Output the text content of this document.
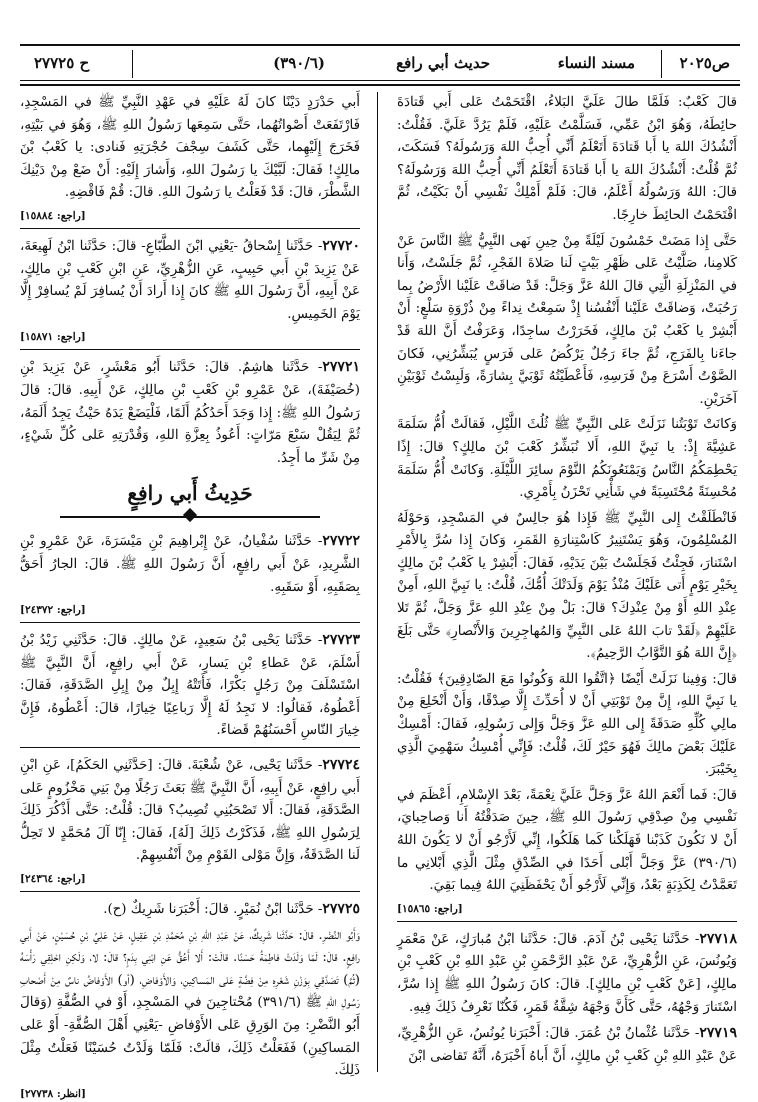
ص٢٠٢٥
مسند النساء
حديث أبي رافع
(٣٩٠/٦)
ح ٢٧٧٢٥

قالَ كَعْبٌ: فَلَمَّا طالَ عَلَيَّ البَلاءُ، اقْتَحَمْتُ عَلى أَبي قَتادَةَ حائِطَهُ، وَهُوَ ابْنُ عَمِّي، فَسَلَّمْتُ عَلَيْهِ، فَلَمْ يَرُدَّ عَلَيَّ. فَقُلْتُ: أَنْشُدُكَ اللهَ يا أَبا قَتادَةَ أَتَعْلَمُ أَنِّي أُحِبُّ اللهَ وَرَسُولَهُ؟ فَسَكَتَ، ثُمَّ قُلْتُ: أَنْشُدُكَ اللهَ يا أَبا قَتادَةَ أَتَعْلَمُ أَنِّي أُحِبُّ اللهَ وَرَسُولَهُ؟ قالَ: اللهُ وَرَسُولُهُ أَعْلَمُ، قالَ: فَلَمْ أَمْلِكْ نَفْسِي أَنْ بَكَيْتُ، ثُمَّ اقْتَحَمْتُ الحائِطَ خارِجًا.

حَتَّى إِذا مَضَتْ خَمْسُونَ لَيْلَةً مِنْ حِينِ نَهى النَّبِيُّ ﷺ النَّاسَ عَنْ كَلامِنا، صَلَّيْتُ عَلى ظَهْرِ بَيْتٍ لَنا صَلاةَ الفَجْرِ، ثُمَّ جَلَسْتُ، وَأَنا في المَنْزِلَةِ الَّتِي قالَ اللهُ عَزَّ وَجَلَّ: قَدْ ضاقَتْ عَلَيْنا الأَرْضُ بِما رَحُبَتْ، وَضاقَتْ عَلَيْنا أَنْفُسُنا إِذْ سَمِعْتُ نِداءً مِنْ ذُرْوَةِ سَلْعٍ: أَنْ أَبْشِرْ يا كَعْبُ بْنَ مالِكٍ، فَخَرَرْتُ ساجِدًا، وَعَرَفْتُ أَنَّ اللهَ قَدْ جاءَنا بِالفَرَجِ، ثُمَّ جاءَ رَجُلٌ يَرْكُضُ عَلى فَرَسٍ يُبَشِّرُنِي، فَكانَ الصَّوْتُ أَسْرَعَ مِنْ فَرَسِهِ، فَأَعْطَيْتُهُ ثَوْبَيَّ بِشارَةً، وَلَبِسْتُ ثَوْبَيْنِ آخَرَيْنِ.

وَكانَتْ تَوْبَتُنا نَزَلَتْ عَلى النَّبِيِّ ﷺ ثُلُثَ اللَّيْلِ، فَقالَتْ أُمُّ سَلَمَةَ عَشِيَّةَ إِذْ: يا نَبِيَّ اللهِ، أَلا نُبَشِّرُ كَعْبَ بْنَ مالِكٍ؟ قالَ: إِذًا يَحْطِمَكُمُ النَّاسُ وَيَمْنَعُونَكُمُ النَّوْمَ سائِرَ اللَّيْلَةِ. وَكانَتْ أُمُّ سَلَمَةَ مُحْسِنَةً مُحْتَسِبَةً في شَأْنِي تَحْزَنُ بِأَمْرِي.

فَانْطَلَقْتُ إِلى النَّبِيِّ ﷺ فَإِذا هُوَ جالِسٌ في المَسْجِدِ، وَحَوْلَهُ المُسْلِمُونَ، وَهُوَ يَسْتَنِيرُ كَاسْتِنارَةِ القَمَرِ، وَكانَ إِذا سُرَّ بِالأَمْرِ اسْتَنارَ، فَجِئْتُ فَجَلَسْتُ بَيْنَ يَدَيْهِ، فَقالَ: أَبْشِرْ يا كَعْبُ بْنَ مالِكٍ بِخَيْرِ يَوْمٍ أَتى عَلَيْكَ مُنْذُ يَوْمَ وَلَدَتْكَ أُمُّكَ، قُلْتُ: يا نَبِيَّ اللهِ، أَمِنْ عِنْدِ اللهِ أَوْ مِنْ عِنْدِكَ؟ قالَ: بَلْ مِنْ عِنْدِ اللهِ عَزَّ وَجَلَّ، ثُمَّ تَلا عَلَيْهِمْ ﴿لَقَدْ تابَ اللهُ عَلى النَّبِيِّ وَالمُهاجِرِينَ وَالأَنْصارِ﴾ حَتَّى بَلَغَ ﴿إِنَّ اللهَ هُوَ التَّوَّابُ الرَّحِيمُ﴾.

قالَ: وَفِينا نَزَلَتْ أَيْضًا ﴿اتَّقُوا اللهَ وَكُونُوا مَعَ الصّادِقِينَ﴾ فَقُلْتُ: يا نَبِيَّ اللهِ، إِنَّ مِنْ تَوْبَتِي أَنْ لا أُحَدِّثَ إِلَّا صِدْقًا، وَأَنْ أَنْخَلِعَ مِنْ مالِي كُلِّهِ صَدَقَةً إِلى اللهِ عَزَّ وَجَلَّ وَإِلى رَسُولِهِ، فَقالَ: أَمْسِكْ عَلَيْكَ بَعْضَ مالِكَ فَهُوَ خَيْرٌ لَكَ، قُلْتُ: فَإِنِّي أُمْسِكُ سَهْمِيَ الَّذِي بِخَيْبَرَ.

قالَ: فَما أَنْعَمَ اللهُ عَزَّ وَجَلَّ عَلَيَّ نِعْمَةً، بَعْدَ الإِسْلامِ، أَعْظَمَ في نَفْسِي مِنْ صِدْقِي رَسُولَ اللهِ ﷺ، حِينَ صَدَقْتُهُ أَنا وَصاحِبايَ، أَنْ لا نَكُونَ كَذَبْنا فَهَلَكْنا كَما هَلَكُوا، إِنِّي لَأَرْجُو أَنْ لا يَكُونَ اللهُ (٣٩٠/٦) عَزَّ وَجَلَّ أَبْلى أَحَدًا في الصِّدْقِ مِثْلَ الَّذِي أَبْلانِي ما تَعَمَّدْتُ لِكَذِبَةٍ بَعْدُ، وَإِنِّي لَأَرْجُو أَنْ يَحْفَظَنِيَ اللهُ فِيما بَقِيَ.

[راجع: ١٥٨٦٥]

٢٧٧١٨- حَدَّثَنا يَحْيى بْنُ آدَمَ. قالَ: حَدَّثَنا ابْنُ مُبارَكٍ، عَنْ مَعْمَرٍ وَيُونُسَ، عَنِ الزُّهْرِيِّ، عَنْ عَبْدِ الرَّحْمَنِ بْنِ عَبْدِ اللهِ بْنِ كَعْبِ بْنِ مالِكٍ، [عَنْ كَعْبِ بْنِ مالِكٍ]. قالَ: كانَ رَسُولُ اللهِ ﷺ إِذا سُرَّ، اسْتَنارَ وَجْهُهُ، حَتَّى كَأَنَّ وَجْهَهُ شِقَّةُ قَمَرٍ، فَكُنّا نَعْرِفُ ذَلِكَ فِيهِ.

٢٧٧١٩- حَدَّثَنا عُثْمانُ بْنُ عُمَرَ. قالَ: أَخْبَرَنا يُونُسُ، عَنِ الزُّهْرِيِّ، عَنْ عَبْدِ اللهِ بْنِ كَعْبِ بْنِ مالِكٍ، أَنَّ أَباهُ أَخْبَرَهُ، أَنَّهُ تَقاضى ابْنَ

أَبي حَدْرَدٍ دَيْنًا كانَ لَهُ عَلَيْهِ في عَهْدِ النَّبِيِّ ﷺ في المَسْجِدِ، فَارْتَفَعَتْ أَصْواتُهُما، حَتَّى سَمِعَها رَسُولُ اللهِ ﷺ، وَهُوَ في بَيْتِهِ، فَخَرَجَ إِلَيْهِما، حَتَّى كَشَفَ سِجْفَ حُجْرَتِهِ فَنادى: يا كَعْبُ بْنَ مالِكٍ! فَقالَ: لَبَّيْكَ يا رَسُولَ اللهِ، وَأَشارَ إِلَيْهِ: أَنْ ضَعْ مِنْ دَيْنِكَ الشَّطْرَ، قالَ: قَدْ فَعَلْتُ يا رَسُولَ اللهِ. قالَ: قُمْ فَاقْضِهِ.

[راجع: ١٥٨٨٤]

٢٧٧٢٠- حَدَّثَنا إِسْحاقُ -يَعْنِي ابْنَ الطَّبّاعِ- قالَ: حَدَّثَنا ابْنُ لَهِيعَةَ، عَنْ يَزِيدَ بْنِ أَبي حَبِيبٍ، عَنِ الزُّهْرِيِّ، عَنِ ابْنِ كَعْبِ بْنِ مالِكٍ، عَنْ أَبِيهِ، أَنَّ رَسُولَ اللهِ ﷺ كانَ إِذا أَرادَ أَنْ يُسافِرَ لَمْ يُسافِرْ إِلَّا يَوْمَ الخَمِيسِ.

[راجع: ١٥٨٧١]

٢٧٧٢١- حَدَّثَنا هاشِمٌ. قالَ: حَدَّثَنا أَبُو مَعْشَرٍ، عَنْ يَزِيدَ بْنِ (خُصَيْفَةَ)، عَنْ عَمْرِو بْنِ كَعْبِ بْنِ مالِكٍ، عَنْ أَبِيهِ. قالَ: قالَ رَسُولُ اللهِ ﷺ: إِذا وَجَدَ أَحَدُكُمُ أَلَمًا، فَلْيَضَعْ يَدَهُ حَيْثُ يَجِدُ أَلَمَهُ، ثُمَّ لِيَقُلْ سَبْعَ مَرّاتٍ: أَعُوذُ بِعِزَّةِ اللهِ، وَقُدْرَتِهِ عَلى كُلِّ شَيْءٍ، مِنْ شَرِّ ما أَجِدُ.

حَدِيثُ أَبي رافِعٍ

٢٧٧٢٢- حَدَّثَنا سُفْيانُ، عَنْ إِبْراهِيمَ بْنِ مَيْسَرَةَ، عَنْ عَمْرِو بْنِ الشَّرِيدِ، عَنْ أَبي رافِعٍ، أَنَّ رَسُولَ اللهِ ﷺ. قالَ: الجارُ أَحَقُّ بِصَقَبِهِ، أَوْ سَقَبِهِ.

[راجع: ٢٤٣٧٢]

٢٧٧٢٣- حَدَّثَنا يَحْيى بْنُ سَعِيدٍ، عَنْ مالِكٍ. قالَ: حَدَّثَنِي زَيْدُ بْنُ أَسْلَمَ، عَنْ عَطاءِ بْنِ يَسارٍ، عَنْ أَبي رافِعٍ، أَنَّ النَّبِيَّ ﷺ اسْتَسْلَفَ مِنْ رَجُلٍ بَكْرًا، فَأَتَتْهُ إِبِلٌ مِنْ إِبِلِ الصَّدَقَةِ، فَقالَ: أَعْطُوهُ، فَقالُوا: لا نَجِدُ لَهُ إِلَّا رَباعِيًا خِيارًا، قالَ: أَعْطُوهُ، فَإِنَّ خِيارَ النّاسِ أَحْسَنُهُمْ قَضاءً.

٢٧٧٢٤- حَدَّثَنا يَحْيى، عَنْ شُعْبَةَ. قالَ: [حَدَّثَنِي الحَكَمُ]، عَنِ ابْنِ أَبي رافِعٍ، عَنْ أَبِيهِ، أَنَّ النَّبِيَّ ﷺ بَعَثَ رَجُلًا مِنْ بَنِي مَخْزُومٍ عَلى الصَّدَقَةِ، فَقالَ: أَلا تَصْحَبُنِي تُصِيبُ؟ قالَ: قُلْتُ: حَتَّى أَذْكُرَ ذَلِكَ لِرَسُولِ اللهِ ﷺ، فَذَكَرْتُ ذَلِكَ [لَهُ]، فَقالَ: إِنّا آلَ مُحَمَّدٍ لا تَحِلُّ لَنا الصَّدَقَةُ، وَإِنَّ مَوْلى القَوْمِ مِنْ أَنْفُسِهِمْ.

[راجع: ٢٤٣٦٤]

٢٧٧٢٥- حَدَّثَنا ابْنُ نُمَيْرٍ. قالَ: أَخْبَرَنا شَرِيكٌ (ح).

وَأَبُو النَّضْرِ. قالَ: حَدَّثَنا شَرِيكٌ، عَنْ عَبْدِ اللهِ بْنِ مُحَمَّدِ بْنِ عَقِيلٍ، عَنْ عَلِيِّ بْنِ حُسَيْنٍ، عَنْ أَبي رافِعٍ. قالَ: لَمّا وَلَدَتْ فاطِمَةُ حَسَنًا. قالَتْ: أَلا أَعُقُّ عَنِ ابْنِي بِدَمٍ؟ قالَ: لا، وَلَكِنِ احْلِقِي رَأْسَهُ (ثُمَّ) تَصَدَّقِي بِوَزْنِ شَعْرِهِ مِنْ فِضَّةٍ عَلى المَساكِينِ، وَالأَوْفاضِ، (أو) الأَوْفاضُ ناسٌ مِنْ أَصْحابِ رَسُولِ اللهِ ﷺ (٣٩١/٦) مُحْتاجِينَ في المَسْجِدِ، أَوْ في الصُّفَّةِ (وَقالَ أَبُو النَّضْرِ: مِنَ الوَرِقِ عَلى الأَوْفاضِ -يَعْنِي أَهْلَ الصُّفَّةِ- أَوْ عَلى المَساكِينِ) فَفَعَلْتُ ذَلِكَ، قالَتْ: فَلَمّا وَلَدْتُ حُسَيْنًا فَعَلْتُ مِثْلَ ذَلِكَ.

[انظر: ٢٧٧٣٨]
